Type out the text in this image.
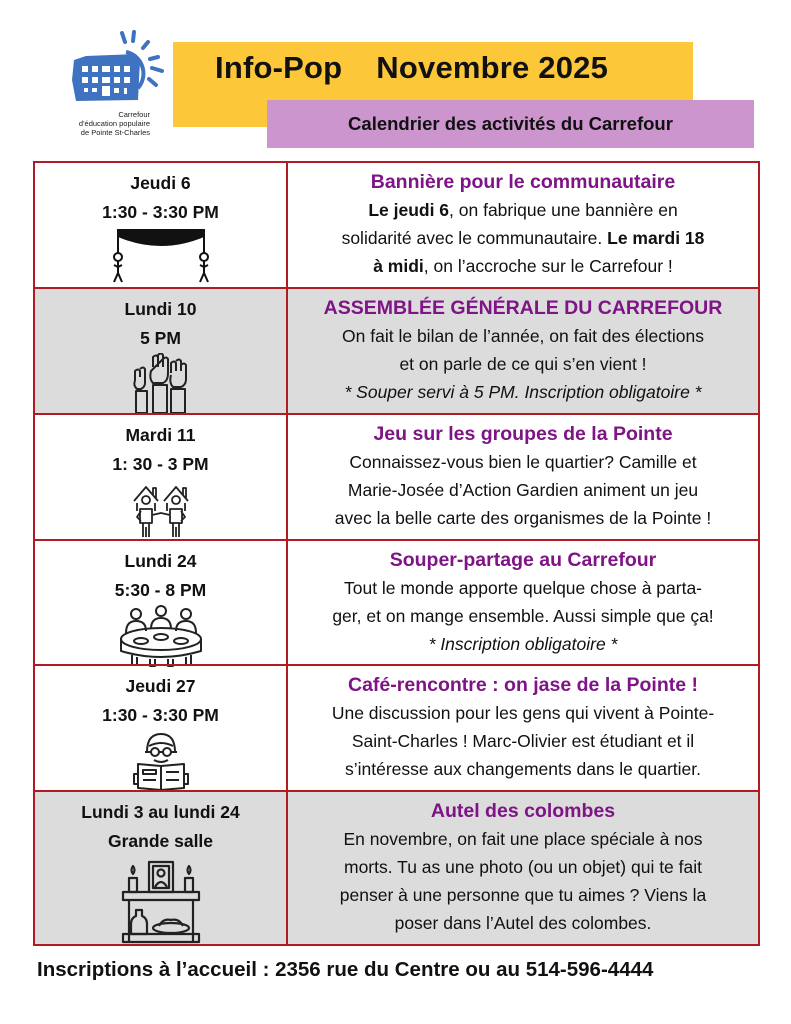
Carrefour
d'éducation populaire
de Pointe St-Charles
Info-Pop Novembre 2025
Calendrier des activités du Carrefour
Jeudi 6
1:30 - 3:30 PM
Bannière pour le communautaire
Le jeudi 6, on fabrique une bannière en
solidarité avec le communautaire. Le mardi 18
à midi, on l’accroche sur le Carrefour !
Lundi 10
5 PM
ASSEMBLÉE GÉNÉRALE DU CARREFOUR
On fait le bilan de l’année, on fait des élections
et on parle de ce qui s’en vient !
* Souper servi à 5 PM. Inscription obligatoire *
Mardi 11
1: 30 - 3 PM
Jeu sur les groupes de la Pointe
Connaissez-vous bien le quartier? Camille et
Marie-Josée d’Action Gardien animent un jeu
avec la belle carte des organismes de la Pointe !
Lundi 24
5:30 - 8 PM
Souper-partage au Carrefour
Tout le monde apporte quelque chose à parta-
ger, et on mange ensemble. Aussi simple que ça!
* Inscription obligatoire *
Jeudi 27
1:30 - 3:30 PM
Café-rencontre : on jase de la Pointe !
Une discussion pour les gens qui vivent à Pointe-
Saint-Charles ! Marc-Olivier est étudiant et il
s’intéresse aux changements dans le quartier.
Lundi 3 au lundi 24
Grande salle
Autel des colombes
En novembre, on fait une place spéciale à nos
morts. Tu as une photo (ou un objet) qui te fait
penser à une personne que tu aimes ? Viens la
poser dans l’Autel des colombes.
Inscriptions à l’accueil : 2356 rue du Centre ou au 514-596-4444
